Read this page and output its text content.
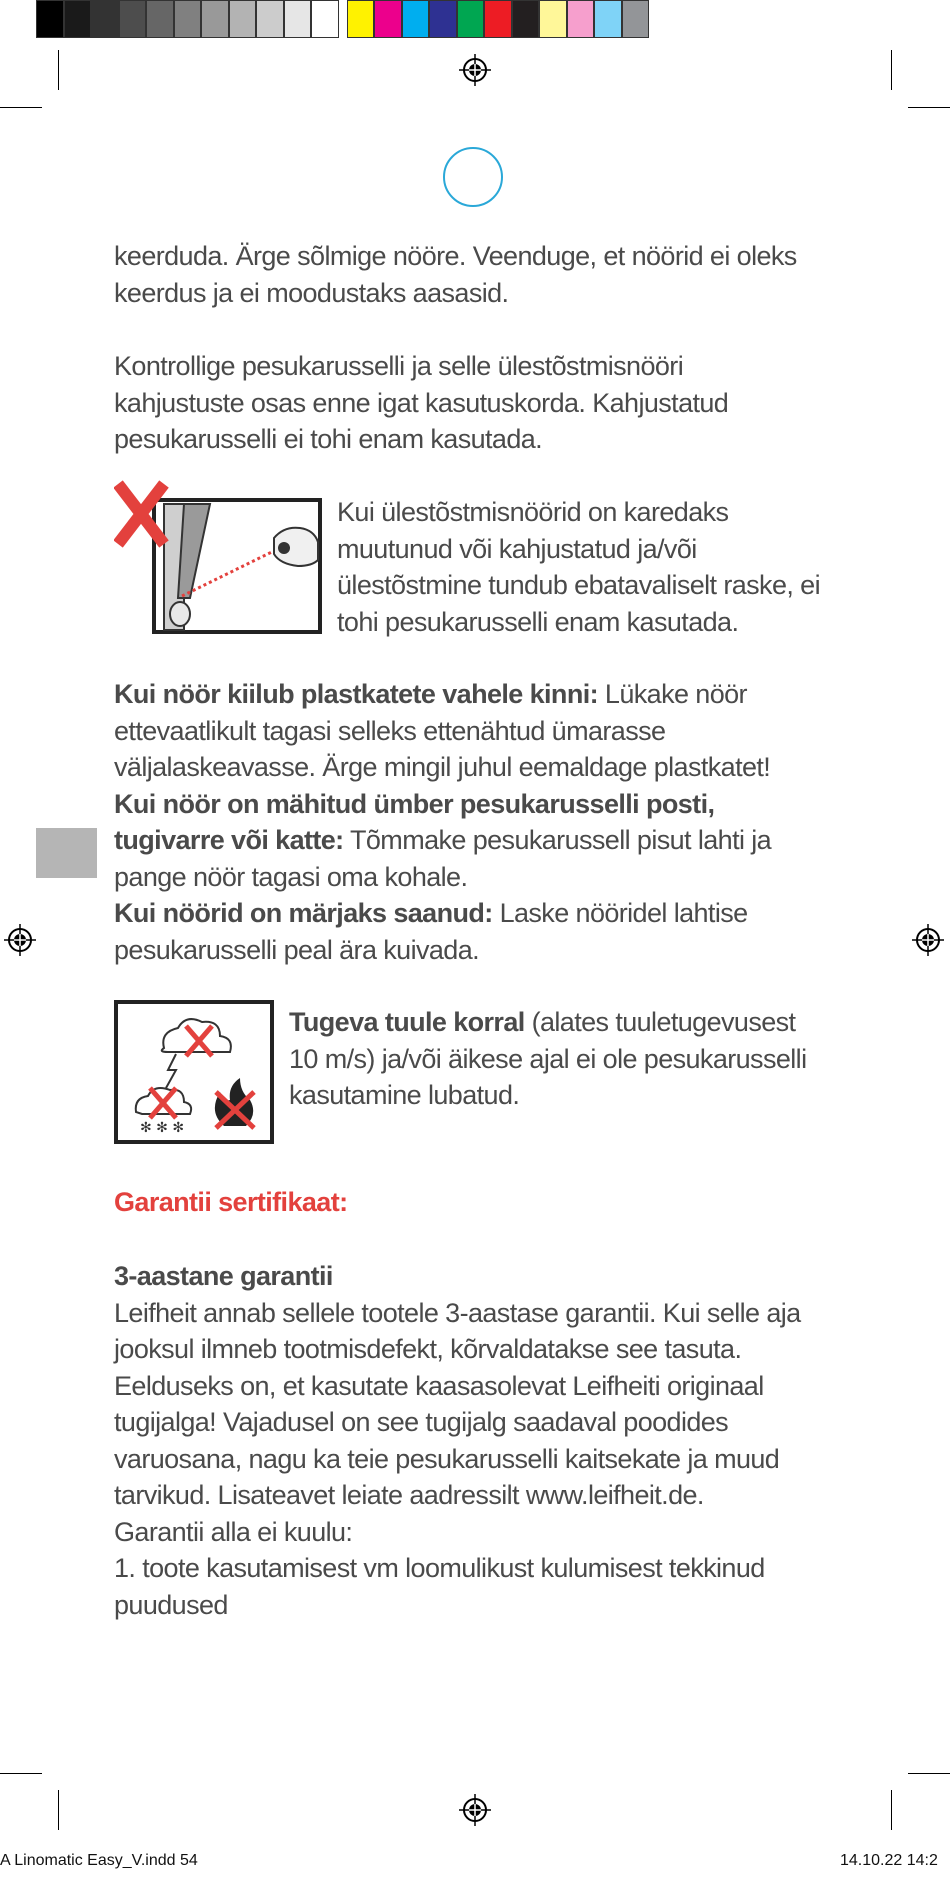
keerduda. Ärge sõlmige nööre. Veenduge, et nöörid ei oleks keerdus ja ei moodustaks aasasid.

Kontrollige pesukarusselli ja selle ülestõstmisnööri kahjustuste osas enne igat kasutuskorda. Kahjustatud pesukarusselli ei tohi enam kasutada.

Kui ülestõstmisnöörid on karedaks muutunud või kahjustatud ja/või ülestõstmine tundub ebatavaliselt raske, ei tohi pesukarusselli enam kasutada.

Kui nöör kiilub plastkatete vahele kinni: Lükake nöör ettevaatlikult tagasi selleks ettenähtud ümarasse väljalaskeavasse. Ärge mingil juhul eemaldage plastkatet!

Kui nöör on mähitud ümber pesukarusselli posti, tugivarre või katte: Tõmmake pesukarussell pisut lahti ja pange nöör tagasi oma kohale.

Kui nöörid on märjaks saanud: Laske nööridel lahtise pesukarusselli peal ära kuivada.

✻ ✻ ✻

Tugeva tuule korral (alates tuuletugevusest 10 m/s) ja/või äikese ajal ei ole pesukarusselli kasutamine lubatud.

Garantii sertifikaat:

3-aastane garantii

Leifheit annab sellele tootele 3-aastase garantii. Kui selle aja jooksul ilmneb tootmisdefekt, kõrvaldatakse see tasuta. Eelduseks on, et kasutate kaasasolevat Leifheiti originaal tugijalga! Vajadusel on see tugijalg saadaval poodides varuosana, nagu ka teie pesukarusselli kaitsekate ja muud tarvikud. Lisateavet leiate aadressilt www.leifheit.de.

Garantii alla ei kuulu:

1. toote kasutamisest vm loomulikust kulumisest tekkinud puudused

A Linomatic Easy_V.indd 54	14.10.22 14:2
